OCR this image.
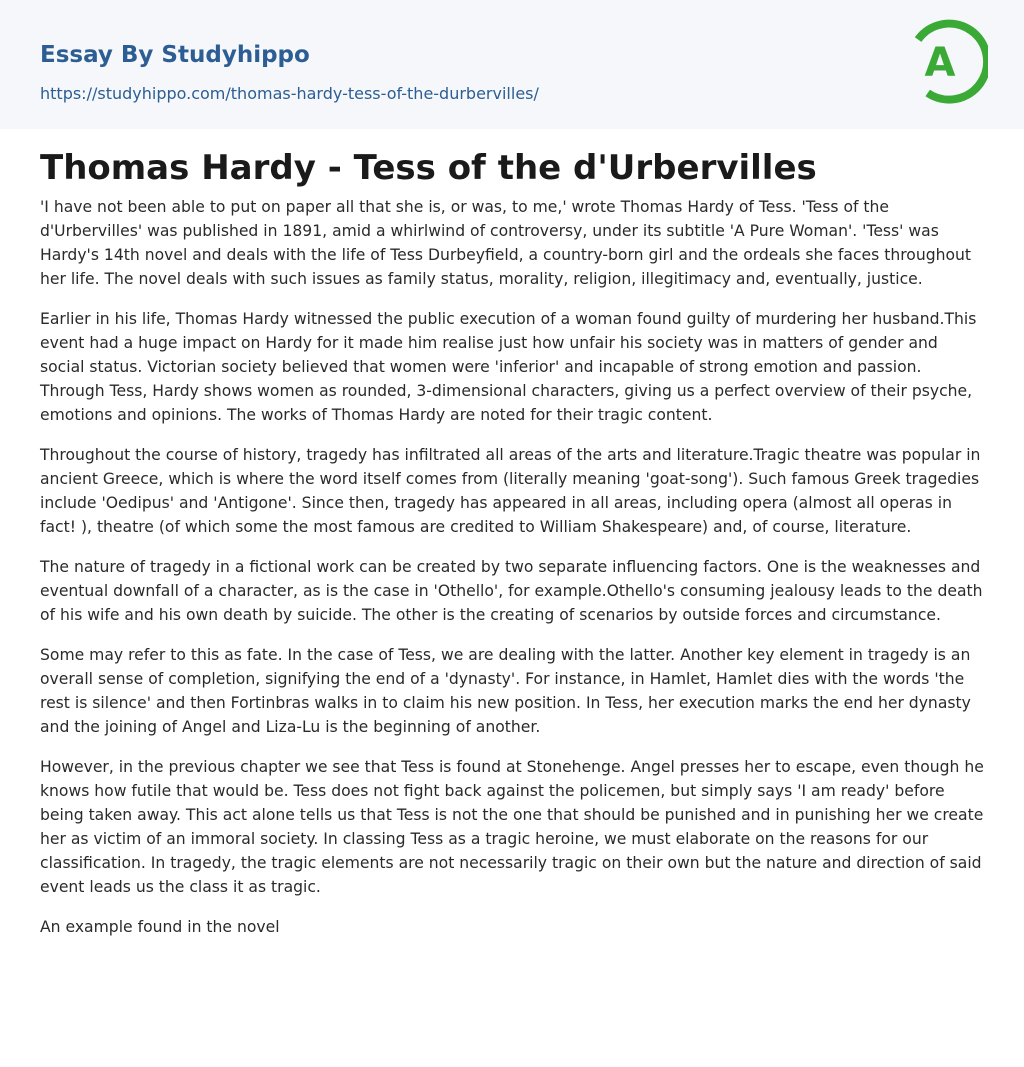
Essay By Studyhippo
https://studyhippo.com/thomas-hardy-tess-of-the-durbervilles/
A
Thomas Hardy - Tess of the d'Urbervilles

'I have not been able to put on paper all that she is, or was, to me,' wrote Thomas Hardy of Tess. 'Tess of the d'Urbervilles' was published in 1891, amid a whirlwind of controversy, under its subtitle 'A Pure Woman'. 'Tess' was Hardy's 14th novel and deals with the life of Tess Durbeyfield, a country-born girl and the ordeals she faces throughout her life. The novel deals with such issues as family status, morality, religion, illegitimacy and, eventually, justice.

Earlier in his life, Thomas Hardy witnessed the public execution of a woman found guilty of murdering her husband.This event had a huge impact on Hardy for it made him realise just how unfair his society was in matters of gender and social status. Victorian society believed that women were 'inferior' and incapable of strong emotion and passion. Through Tess, Hardy shows women as rounded, 3-dimensional characters, giving us a perfect overview of their psyche, emotions and opinions. The works of Thomas Hardy are noted for their tragic content.

Throughout the course of history, tragedy has infiltrated all areas of the arts and literature.Tragic theatre was popular in ancient Greece, which is where the word itself comes from (literally meaning 'goat-song'). Such famous Greek tragedies include 'Oedipus' and 'Antigone'. Since then, tragedy has appeared in all areas, including opera (almost all operas in fact! ), theatre (of which some the most famous are credited to William Shakespeare) and, of course, literature.

The nature of tragedy in a fictional work can be created by two separate influencing factors. One is the weaknesses and eventual downfall of a character, as is the case in 'Othello', for example.Othello's consuming jealousy leads to the death of his wife and his own death by suicide. The other is the creating of scenarios by outside forces and circumstance.

Some may refer to this as fate. In the case of Tess, we are dealing with the latter. Another key element in tragedy is an overall sense of completion, signifying the end of a 'dynasty'. For instance, in Hamlet, Hamlet dies with the words 'the rest is silence' and then Fortinbras walks in to claim his new position. In Tess, her execution marks the end her dynasty and the joining of Angel and Liza-Lu is the beginning of another.

However, in the previous chapter we see that Tess is found at Stonehenge. Angel presses her to escape, even though he knows how futile that would be. Tess does not fight back against the policemen, but simply says 'I am ready' before being taken away. This act alone tells us that Tess is not the one that should be punished and in punishing her we create her as victim of an immoral society. In classing Tess as a tragic heroine, we must elaborate on the reasons for our classification. In tragedy, the tragic elements are not necessarily tragic on their own but the nature and direction of said event leads us the class it as tragic.

An example found in the novel
